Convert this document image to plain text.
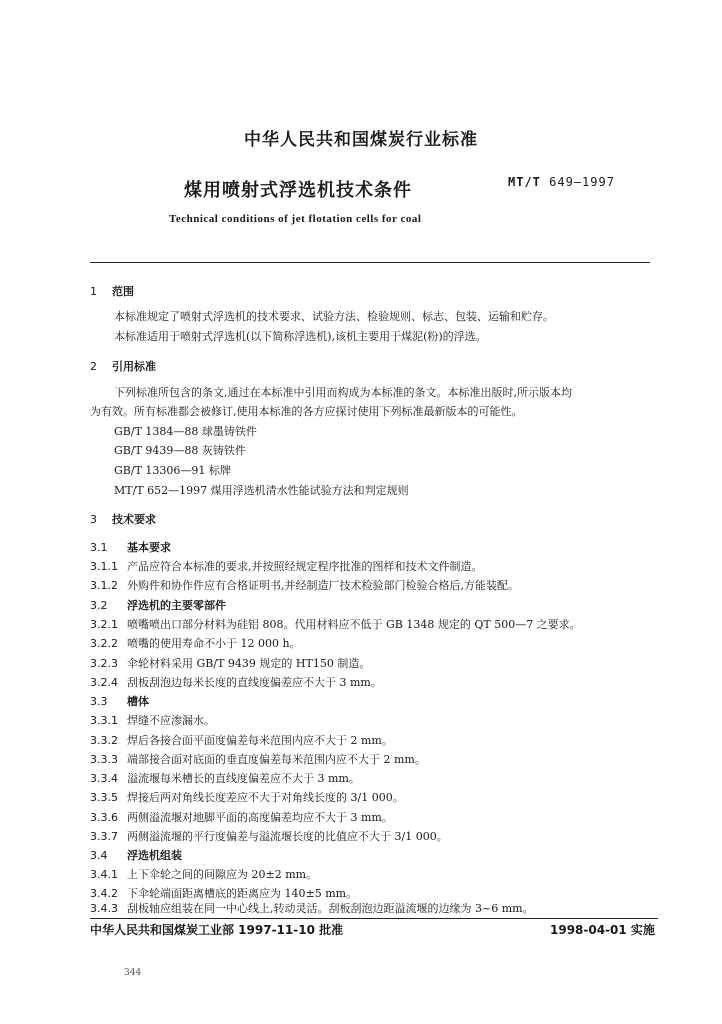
中华人民共和国煤炭行业标准
煤用喷射式浮选机技术条件	MT/T 649—1997
Technical conditions of jet flotation cells for coal
1 范围
本标准规定了喷射式浮选机的技术要求、试验方法、检验规则、标志、包装、运输和贮存。
本标准适用于喷射式浮选机(以下简称浮选机),该机主要用于煤泥(粉)的浮选。
2 引用标准
下列标准所包含的条文,通过在本标准中引用而构成为本标准的条文。本标准出版时,所示版本均
为有效。所有标准都会被修订,使用本标准的各方应探讨使用下列标准最新版本的可能性。
GB/T 1384—88 球墨铸铁件
GB/T 9439—88 灰铸铁件
GB/T 13306—91 标牌
MT/T 652—1997 煤用浮选机清水性能试验方法和判定规则
3 技术要求
3.1 基本要求
3.1.1 产品应符合本标准的要求,并按照经规定程序批准的图样和技术文件制造。
3.1.2 外购件和协作件应有合格证明书,并经制造厂技术检验部门检验合格后,方能装配。
3.2 浮选机的主要零部件
3.2.1 喷嘴喷出口部分材料为硅铝 808。代用材料应不低于 GB 1348 规定的 QT 500—7 之要求。
3.2.2 喷嘴的使用寿命不小于 12 000 h。
3.2.3 伞轮材料采用 GB/T 9439 规定的 HT150 制造。
3.2.4 刮板刮泡边每米长度的直线度偏差应不大于 3 mm。
3.3 槽体
3.3.1 焊缝不应渗漏水。
3.3.2 焊后各接合面平面度偏差每米范围内应不大于 2 mm。
3.3.3 端部接合面对底面的垂直度偏差每米范围内应不大于 2 mm。
3.3.4 溢流堰每米槽长的直线度偏差应不大于 3 mm。
3.3.5 焊接后两对角线长度差应不大于对角线长度的 3/1 000。
3.3.6 两侧溢流堰对地脚平面的高度偏差均应不大于 3 mm。
3.3.7 两侧溢流堰的平行度偏差与溢流堰长度的比值应不大于 3/1 000。
3.4 浮选机组装
3.4.1 上下伞轮之间的间隙应为 20±2 mm。
3.4.2 下伞轮端面距离槽底的距离应为 140±5 mm。
3.4.3 刮板轴应组装在同一中心线上,转动灵活。刮板刮泡边距溢流堰的边缘为 3~6 mm。
中华人民共和国煤炭工业部 1997-11-10 批准	1998-04-01 实施
344
